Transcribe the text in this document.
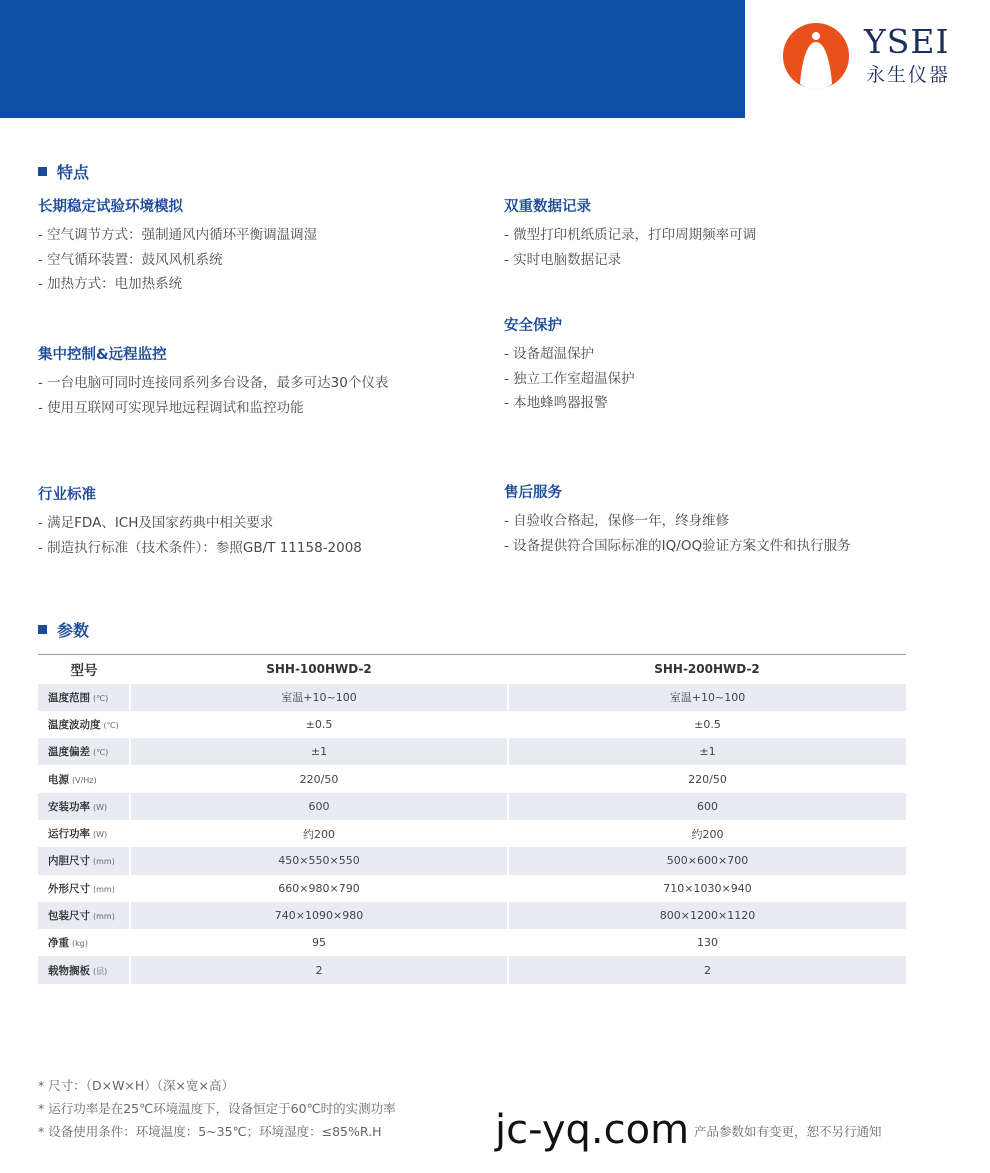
YSEI
永生仪器
特点
长期稳定试验环境模拟
- 空气调节方式：强制通风内循环平衡调温调湿
- 空气循环装置：鼓风风机系统
- 加热方式：电加热系统
双重数据记录
- 微型打印机纸质记录，打印周期频率可调
- 实时电脑数据记录
安全保护
- 设备超温保护
- 独立工作室超温保护
- 本地蜂鸣器报警
集中控制&远程监控
- 一台电脑可同时连接同系列多台设备，最多可达30个仪表
- 使用互联网可实现异地远程调试和监控功能
行业标准
- 满足FDA、ICH及国家药典中相关要求
- 制造执行标准（技术条件）：参照GB/T 11158-2008
售后服务
- 自验收合格起，保修一年，终身维修
- 设备提供符合国际标准的IQ/OQ验证方案文件和执行服务
参数
型号	SHH-100HWD-2	SHH-200HWD-2
温度范围 (℃)	室温+10~100	室温+10~100
温度波动度 (℃)	±0.5	±0.5
温度偏差 (℃)	±1	±1
电源 (V/Hz)	220/50	220/50
安装功率 (W)	600	600
运行功率 (W)	约200	约200
内胆尺寸 (mm)	450×550×550	500×600×700
外形尺寸 (mm)	660×980×790	710×1030×940
包装尺寸 (mm)	740×1090×980	800×1200×1120
净重 (kg)	95	130
载物搁板 (层)	2	2

* 尺寸：（D×W×H）（深×宽×高）

* 运行功率是在25℃环境温度下，设备恒定于60℃时的实测功率

* 设备使用条件：环境温度：5~35℃；环境湿度：≤85%R.H	产品参数如有变更，恕不另行通知
jc-yq.com
